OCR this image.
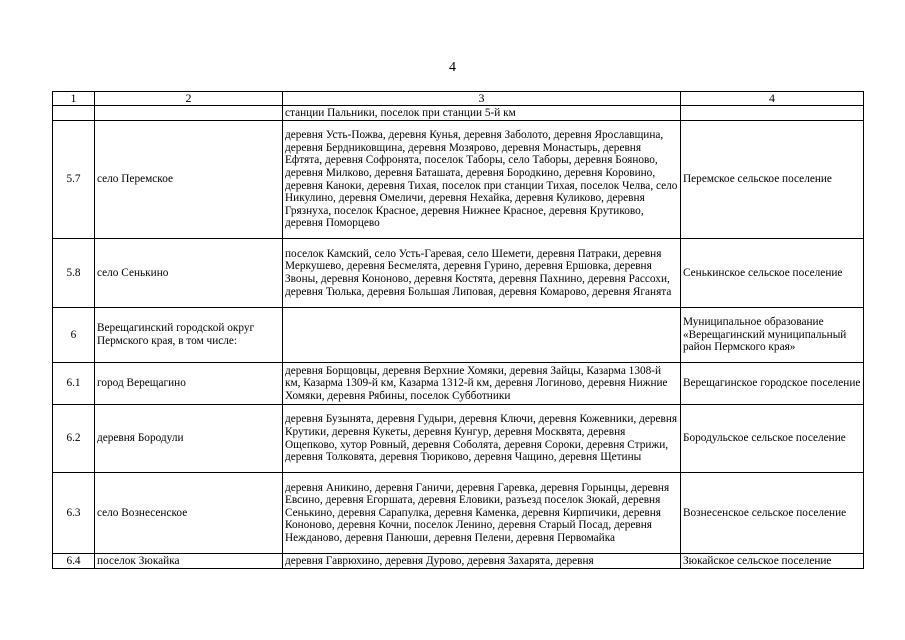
4
1	2	3	4
		станции Пальники, поселок при станции 5-й км	
5.7	село Перемское	деревня Усть-Пожва, деревня Кунья, деревня Заболото, деревня Ярославщина, деревня Бердниковщина, деревня Мозярово, деревня Монастырь, деревня Ефтята, деревня Софронята, поселок Таборы, село Таборы, деревня Бояново, деревня Милково, деревня Баташата, деревня Бородкино, деревня Коровино, деревня Каноки, деревня Тихая, поселок при станции Тихая, поселок Челва, село Никулино, деревня Омеличи, деревня Нехайка, деревня Куликово, деревня Грязнуха, поселок Красное, деревня Нижнее Красное, деревня Крутиково, деревня Поморцево	Перемское сельское поселение
5.8	село Сенькино	поселок Камский, село Усть-Гаревая, село Шемети, деревня Патраки, деревня Меркушево, деревня Бесмелята, деревня Гурино, деревня Ершовка, деревня Звоны, деревня Кононово, деревня Костята, деревня Пахнино, деревня Рассохи, деревня Тюлька, деревня Большая Липовая, деревня Комарово, деревня Яганята	Сенькинское сельское поселение
6	Верещагинский городской округ Пермского края, в том числе:		Муниципальное образование «Верещагинский муниципальный район Пермского края»
6.1	город Верещагино	деревня Борщовцы, деревня Верхние Хомяки, деревня Зайцы, Казарма 1308-й км, Казарма 1309-й км, Казарма 1312-й км, деревня Логиново, деревня Нижние Хомяки, деревня Рябины, поселок Субботники	Верещагинское городское поселение
6.2	деревня Бородули	деревня Бузынята, деревня Гудыри, деревня Ключи, деревня Кожевники, деревня Крутики, деревня Кукеты, деревня Кунгур, деревня Москвята, деревня Ощепково, хутор Ровный, деревня Соболята, деревня Сороки, деревня Стрижи, деревня Толковята, деревня Тюриково, деревня Чащино, деревня Щетины	Бородульское сельское поселение
6.3	село Вознесенское	деревня Аникино, деревня Ганичи, деревня Гаревка, деревня Горынцы, деревня Евсино, деревня Егоршата, деревня Еловики, разъезд поселок Зюкай, деревня Сенькино, деревня Сарапулка, деревня Каменка, деревня Кирпичики, деревня Кононово, деревня Кочни, поселок Ленино, деревня Старый Посад, деревня Нежданово, деревня Панюши, деревня Пелени, деревня Первомайка	Вознесенское сельское поселение
6.4	поселок Зюкайка	деревня Гаврюхино, деревня Дурово, деревня Захарята, деревня	Зюкайское сельское поселение
